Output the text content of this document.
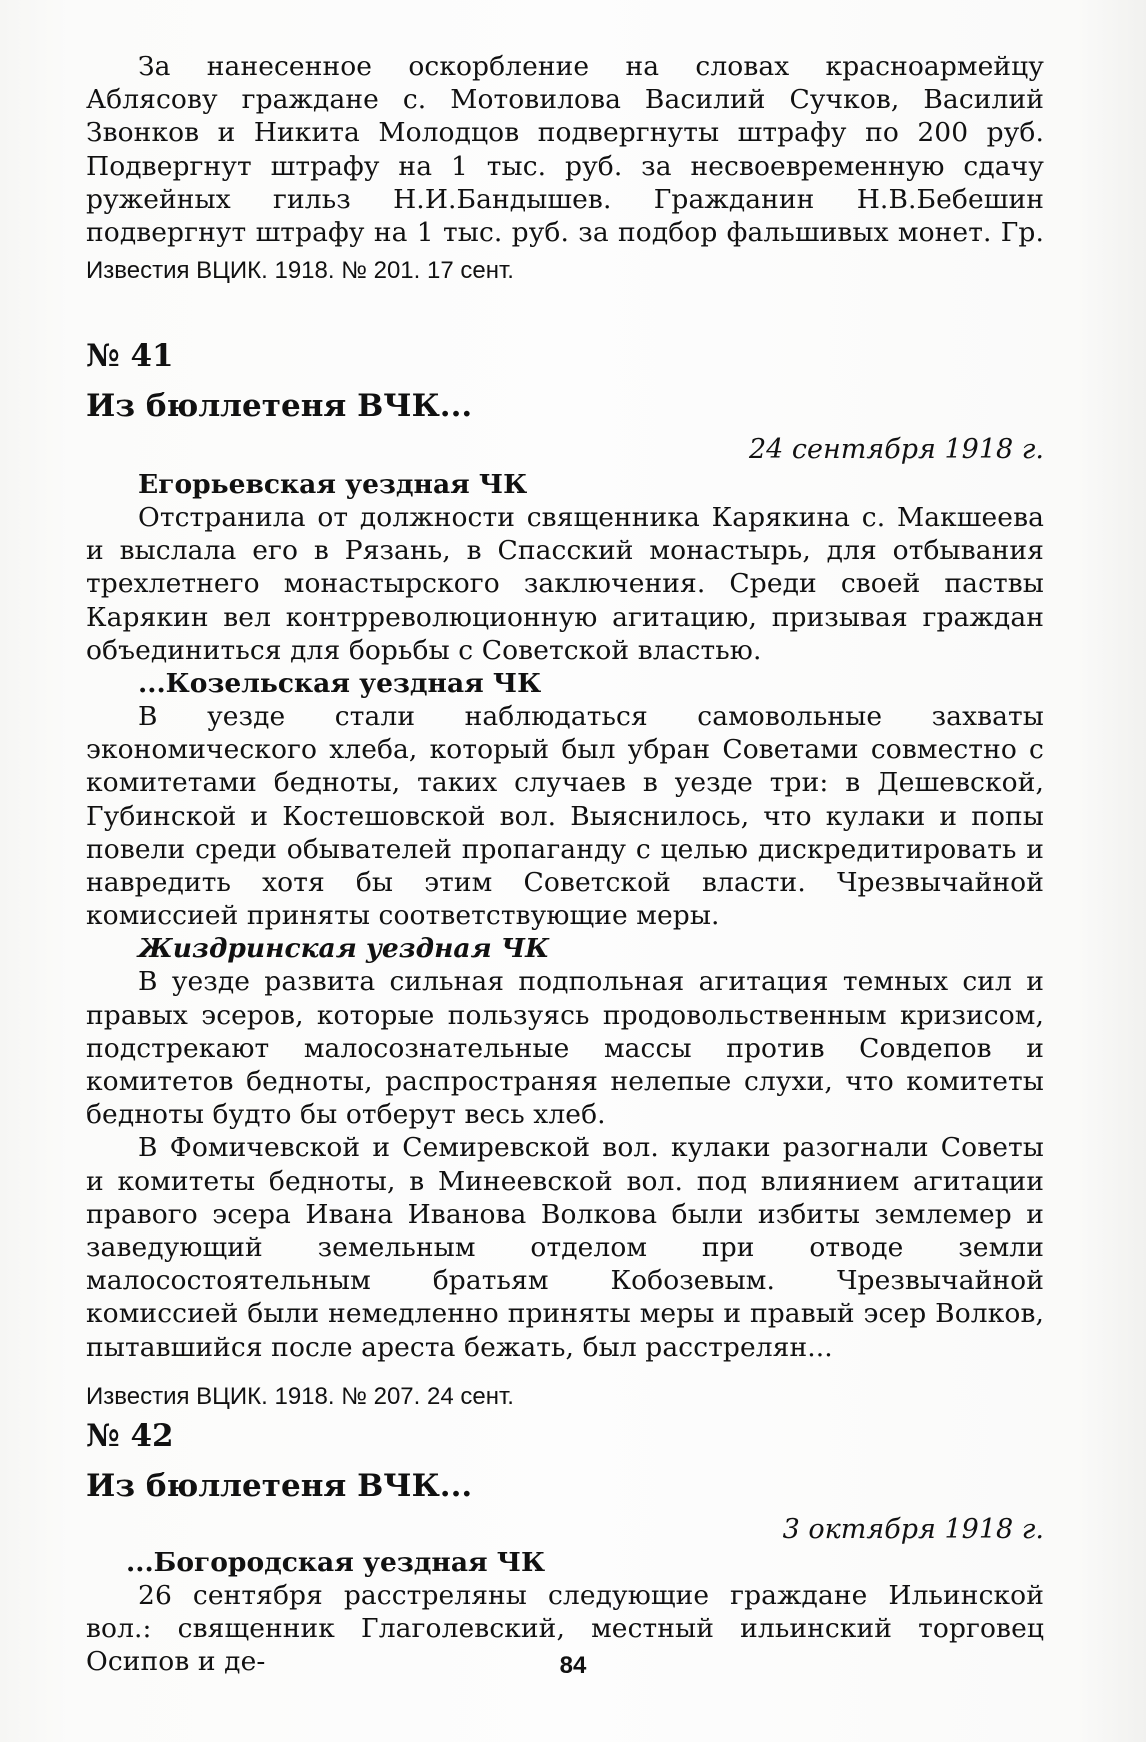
За нанесенное оскорбление на словах красноармейцу Аблясову граждане с. Мотовилова Василий Сучков, Василий Звонков и Никита Молодцов подвергнуты штрафу по 200 руб. Подвергнут штрафу на 1 тыс. руб. за несвоевременную сдачу ружейных гильз Н.И.Бандышев. Гражданин Н.В.Бебешин подвергнут штрафу на 1 тыс. руб. за подбор фальшивых монет. Гр.

Известия ВЦИК. 1918. № 201. 17 сент.

№ 41

Из бюллетеня ВЧК...

24 сентября 1918 г.

Егорьевская уездная ЧК

Отстранила от должности священника Карякина с. Макшеева и выслала его в Рязань, в Спасский монастырь, для отбывания трехлетнего монастырского заключения. Среди своей паствы Карякин вел контрреволюционную агитацию, призывая граждан объединиться для борьбы с Советской властью.

...Козельская уездная ЧК

В уезде стали наблюдаться самовольные захваты экономического хлеба, который был убран Советами совместно с комитетами бедноты, таких случаев в уезде три: в Дешевской, Губинской и Костешовской вол. Выяснилось, что кулаки и попы повели среди обывателей пропаганду с целью дискредитировать и навредить хотя бы этим Советской власти. Чрезвычайной комиссией приняты соответствующие меры.

Жиздринская уездная ЧК

В уезде развита сильная подпольная агитация темных сил и правых эсеров, которые пользуясь продовольственным кризисом, подстрекают малосознательные массы против Совдепов и комитетов бедноты, распространяя нелепые слухи, что комитеты бедноты будто бы отберут весь хлеб.

В Фомичевской и Семиревской вол. кулаки разогнали Советы и комитеты бедноты, в Минеевской вол. под влиянием агитации правого эсера Ивана Иванова Волкова были избиты землемер и заведующий земельным отделом при отводе земли малосостоятельным братьям Кобозевым. Чрезвычайной комиссией были немедленно приняты меры и правый эсер Волков, пытавшийся после ареста бежать, был расстрелян...

Известия ВЦИК. 1918. № 207. 24 сент.

№ 42

Из бюллетеня ВЧК...

3 октября 1918 г.

...Богородская уездная ЧК

26 сентября расстреляны следующие граждане Ильинской вол.: священник Глаголевский, местный ильинский торговец Осипов и де-	84
